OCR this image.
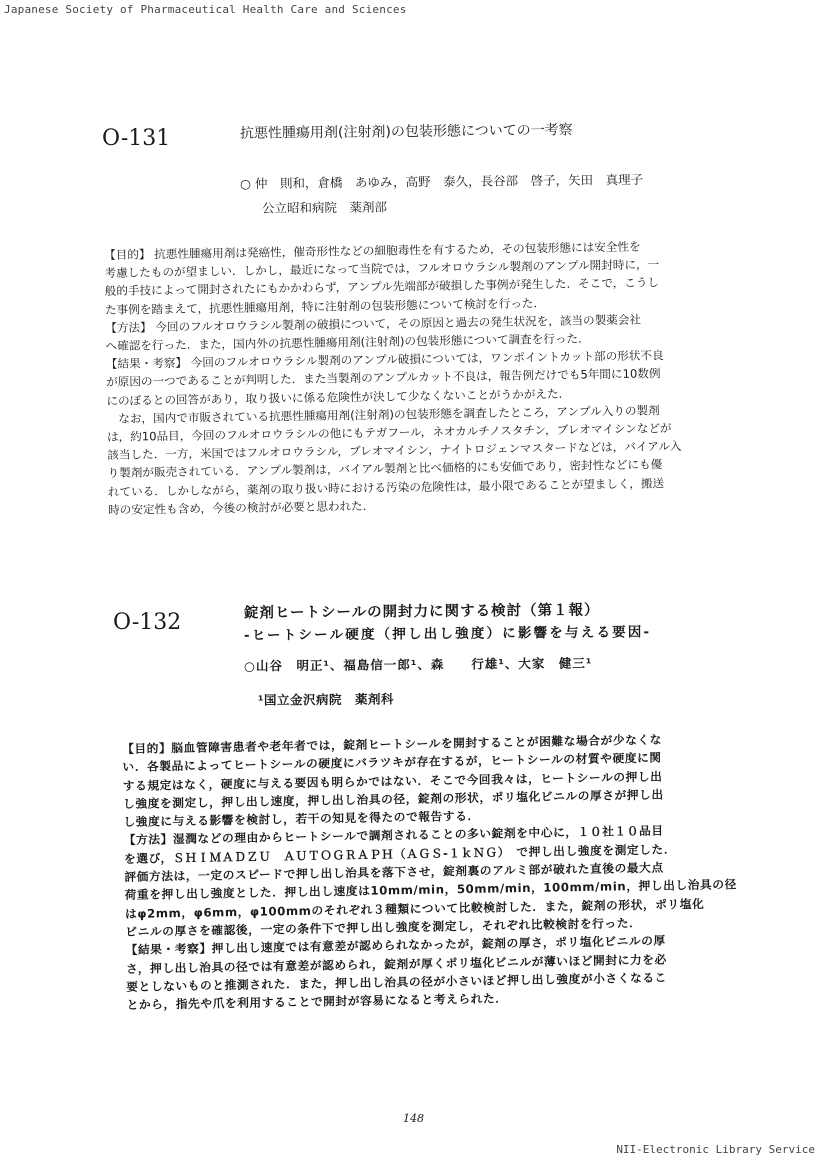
Japanese Society of Pharmaceutical Health Care and Sciences
O-131	抗悪性腫瘍用剤(注射剤)の包装形態についての一考察
○ 仲　則和，倉橋　あゆみ，高野　泰久，長谷部　啓子，矢田　真理子
公立昭和病院　薬剤部

【目的】 抗悪性腫瘍用剤は発癌性，催奇形性などの細胞毒性を有するため，その包装形態には安全性を

考慮したものが望ましい．しかし，最近になって当院では，フルオロウラシル製剤のアンプル開封時に，一

般的手技によって開封されたにもかかわらず，アンプル先端部が破損した事例が発生した．そこで，こうし

た事例を踏まえて，抗悪性腫瘍用剤，特に注射剤の包装形態について検討を行った．

【方法】 今回のフルオロウラシル製剤の破損について，その原因と過去の発生状況を，該当の製薬会社

へ確認を行った．また，国内外の抗悪性腫瘍用剤(注射剤)の包装形態について調査を行った．

【結果・考察】 今回のフルオロウラシル製剤のアンプル破損については，ワンポイントカット部の形状不良

が原因の一つであることが判明した．また当製剤のアンプルカット不良は，報告例だけでも5年間に10数例

にのぼるとの回答があり，取り扱いに係る危険性が決して少なくないことがうかがえた．

　なお，国内で市販されている抗悪性腫瘍用剤(注射剤)の包装形態を調査したところ，アンプル入りの製剤

は，約10品目，今回のフルオロウラシルの他にもテガフール，ネオカルチノスタチン，ブレオマイシンなどが

該当した．一方，米国ではフルオロウラシル，ブレオマイシン，ナイトロジェンマスタードなどは，バイアル入

り製剤が販売されている．アンプル製剤は，バイアル製剤と比べ価格的にも安価であり，密封性などにも優

れている．しかしながら，薬剤の取り扱い時における汚染の危険性は，最小限であることが望ましく，搬送

時の安定性も含め，今後の検討が必要と思われた．

O-132	錠剤ヒートシールの開封力に関する検討（第１報）
-ヒートシール硬度（押し出し強度）に影響を与える要因-
○山谷　明正¹、福島信一郎¹、森　　行雄¹、大家　健三¹
¹国立金沢病院　薬剤科

【目的】脳血管障害患者や老年者では，錠剤ヒートシールを開封することが困難な場合が少なくな

い．各製品によってヒートシールの硬度にバラツキが存在するが，ヒートシールの材質や硬度に関

する規定はなく，硬度に与える要因も明らかではない．そこで今回我々は，ヒートシールの押し出

し強度を測定し，押し出し速度，押し出し治具の径，錠剤の形状，ポリ塩化ビニルの厚さが押し出

し強度に与える影響を検討し，若干の知見を得たので報告する．

【方法】湿潤などの理由からヒートシールで調剤されることの多い錠剤を中心に，１０社１０品目

を選び，ＳＨＩＭＡＤＺＵ　ＡＵＴＯＧＲＡＰＨ（ＡＧＳ-１ｋＮＧ）　で押し出し強度を測定した．

評価方法は，一定のスピードで押し出し治具を落下させ，錠剤裏のアルミ部が破れた直後の最大点

荷重を押し出し強度とした．押し出し速度は10mm/min，50mm/min，100mm/min，押し出し治具の径

はφ2mm，φ6mm，φ100mmのそれぞれ３種類について比較検討した．また，錠剤の形状，ポリ塩化

ビニルの厚さを確認後，一定の条件下で押し出し強度を測定し，それぞれ比較検討を行った．

【結果・考察】押し出し速度では有意差が認められなかったが，錠剤の厚さ，ポリ塩化ビニルの厚

さ，押し出し治具の径では有意差が認められ，錠剤が厚くポリ塩化ビニルが薄いほど開封に力を必

要としないものと推測された．また，押し出し治具の径が小さいほど押し出し強度が小さくなるこ

とから，指先や爪を利用することで開封が容易になると考えられた．

148
NII-Electronic Library Service
